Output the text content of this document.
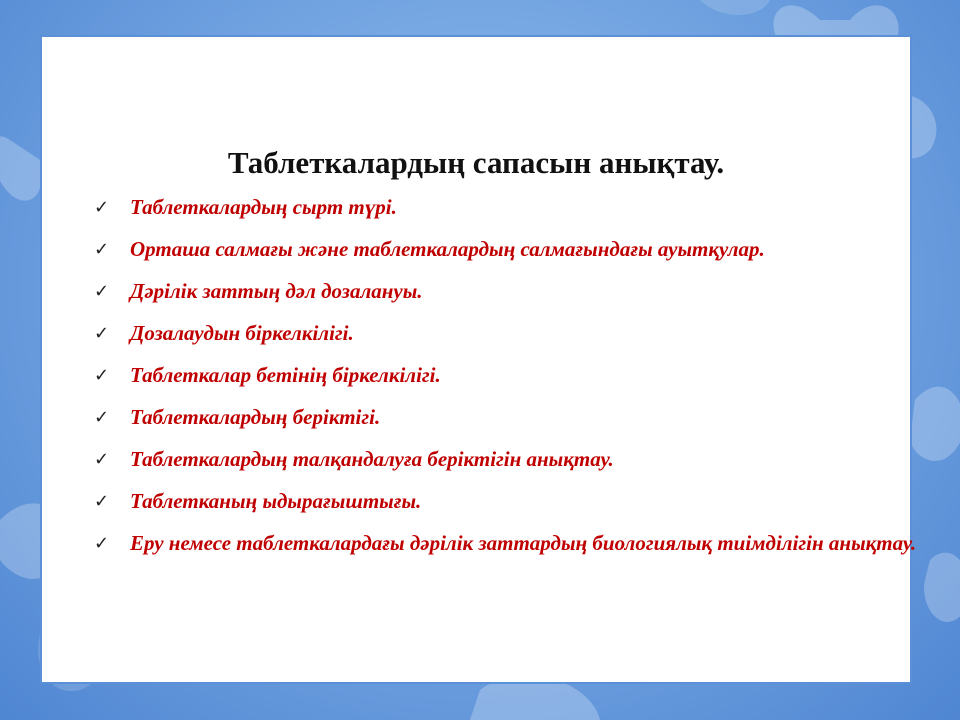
Таблеткалардың сапасын анықтау.
✓ Таблеткалардың сырт түрі.
✓ Орташа салмағы және таблеткалардың салмағындағы ауытқулар.
✓ Дәрілік заттың дәл дозалануы.
✓ Дозалаудын біркелкілігі.
✓ Таблеткалар бетінің біркелкілігі.
✓ Таблеткалардың беріктігі.
✓ Таблеткалардың талқандалуға беріктігін анықтау.
✓ Таблетканың ыдырағыштығы.
✓ Еру немесе таблеткалардағы дәрілік заттардың биологиялық тиімділігін анықтау.
